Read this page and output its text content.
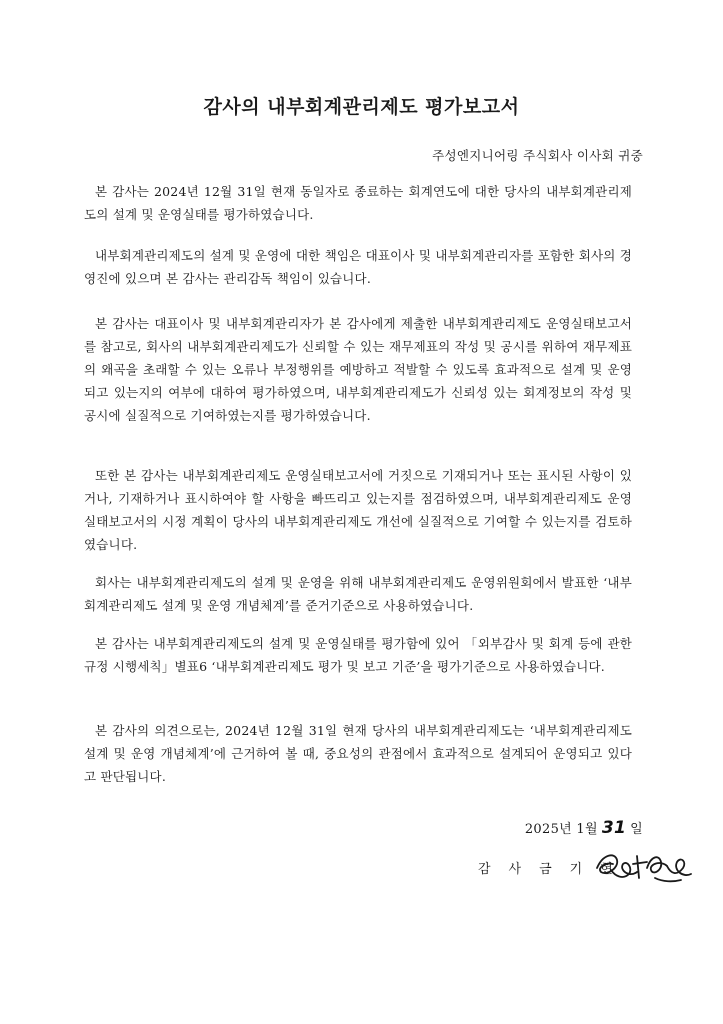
감사의 내부회계관리제도 평가보고서
주성엔지니어링 주식회사 이사회 귀중

본 감사는 2024년 12월 31일 현재 동일자로 종료하는 회계연도에 대한 당사의 내부회계관리제도의 설계 및 운영실태를 평가하였습니다.

내부회계관리제도의 설계 및 운영에 대한 책임은 대표이사 및 내부회계관리자를 포함한 회사의 경영진에 있으며 본 감사는 관리감독 책임이 있습니다.

본 감사는 대표이사 및 내부회계관리자가 본 감사에게 제출한 내부회계관리제도 운영실태보고서를 참고로, 회사의 내부회계관리제도가 신뢰할 수 있는 재무제표의 작성 및 공시를 위하여 재무제표의 왜곡을 초래할 수 있는 오류나 부정행위를 예방하고 적발할 수 있도록 효과적으로 설계 및 운영되고 있는지의 여부에 대하여 평가하였으며, 내부회계관리제도가 신뢰성 있는 회계정보의 작성 및 공시에 실질적으로 기여하였는지를 평가하였습니다.

또한 본 감사는 내부회계관리제도 운영실태보고서에 거짓으로 기재되거나 또는 표시된 사항이 있거나, 기재하거나 표시하여야 할 사항을 빠뜨리고 있는지를 점검하였으며, 내부회계관리제도 운영실태보고서의 시정 계획이 당사의 내부회계관리제도 개선에 실질적으로 기여할 수 있는지를 검토하였습니다.

회사는 내부회계관리제도의 설계 및 운영을 위해 내부회계관리제도 운영위원회에서 발표한 ‘내부회계관리제도 설계 및 운영 개념체계’를 준거기준으로 사용하였습니다.

본 감사는 내부회계관리제도의 설계 및 운영실태를 평가함에 있어 「외부감사 및 회계 등에 관한 규정 시행세칙」별표6 ‘내부회계관리제도 평가 및 보고 기준’을 평가기준으로 사용하였습니다.

본 감사의 의견으로는, 2024년 12월 31일 현재 당사의 내부회계관리제도는 ‘내부회계관리제도 설계 및 운영 개념체계’에 근거하여 볼 때, 중요성의 관점에서 효과적으로 설계되어 운영되고 있다고 판단됩니다.

2025년 1월 31 일
감사금기현
